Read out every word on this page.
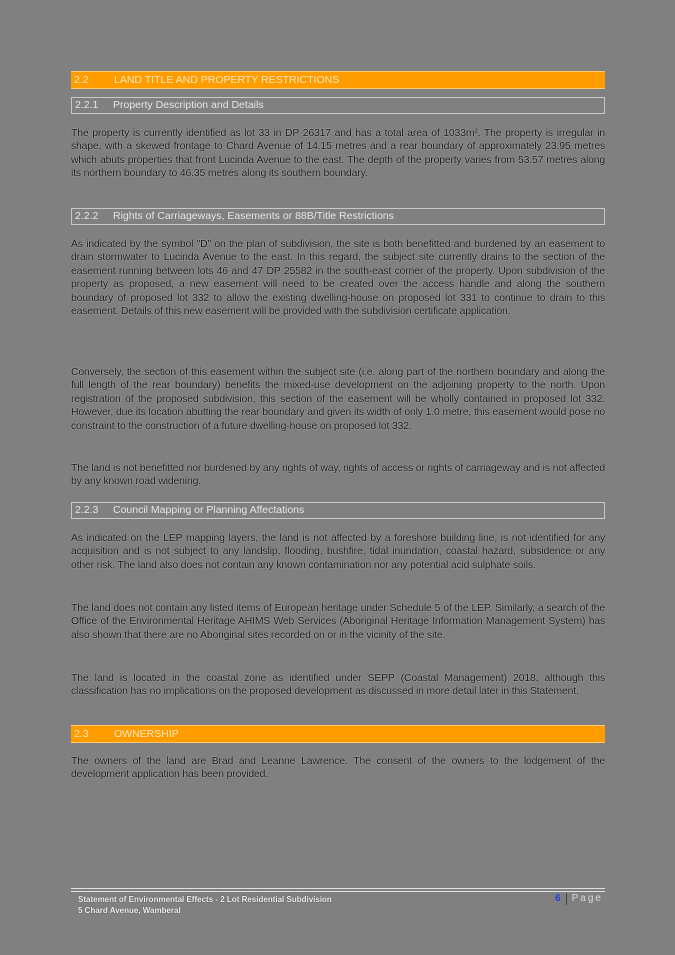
2.2 LAND TITLE AND PROPERTY RESTRICTIONS
2.2.1 Property Description and Details

The property is currently identified as lot 33 in DP 26317 and has a total area of 1033m². The property is irregular in shape, with a skewed frontage to Chard Avenue of 14.15 metres and a rear boundary of approximately 23.95 metres which abuts properties that front Lucinda Avenue to the east. The depth of the property varies from 53.57 metres along its northern boundary to 46.35 metres along its southern boundary.

2.2.2 Rights of Carriageways, Easements or 88B/Title Restrictions

As indicated by the symbol "D" on the plan of subdivision, the site is both benefitted and burdened by an easement to drain stormwater to Lucinda Avenue to the east. In this regard, the subject site currently drains to the section of the easement running between lots 46 and 47 DP 25582 in the south-east corner of the property. Upon subdivision of the property as proposed, a new easement will need to be created over the access handle and along the southern boundary of proposed lot 332 to allow the existing dwelling-house on proposed lot 331 to continue to drain to this easement. Details of this new easement will be provided with the subdivision certificate application.

Conversely, the section of this easement within the subject site (i.e. along part of the northern boundary and along the full length of the rear boundary) benefits the mixed-use development on the adjoining property to the north. Upon registration of the proposed subdivision, this section of the easement will be wholly contained in proposed lot 332. However, due its location abutting the rear boundary and given its width of only 1.0 metre, this easement would pose no constraint to the construction of a future dwelling-house on proposed lot 332.

The land is not benefitted nor burdened by any rights of way, rights of access or rights of carriageway and is not affected by any known road widening.

2.2.3 Council Mapping or Planning Affectations

As indicated on the LEP mapping layers, the land is not affected by a foreshore building line, is not identified for any acquisition and is not subject to any landslip, flooding, bushfire, tidal inundation, coastal hazard, subsidence or any other risk. The land also does not contain any known contamination nor any potential acid sulphate soils.

The land does not contain any listed items of European heritage under Schedule 5 of the LEP. Similarly, a search of the Office of the Environmental Heritage AHIMS Web Services (Aboriginal Heritage Information Management System) has also shown that there are no Aboriginal sites recorded on or in the vicinity of the site.

The land is located in the coastal zone as identified under SEPP (Coastal Management) 2018, although this classification has no implications on the proposed development as discussed in more detail later in this Statement.

2.3 OWNERSHIP

The owners of the land are Brad and Leanne Lawrence. The consent of the owners to the lodgement of the development application has been provided.

Statement of Environmental Effects - 2 Lot Residential Subdivision
5 Chard Avenue, Wamberal
6 Page
